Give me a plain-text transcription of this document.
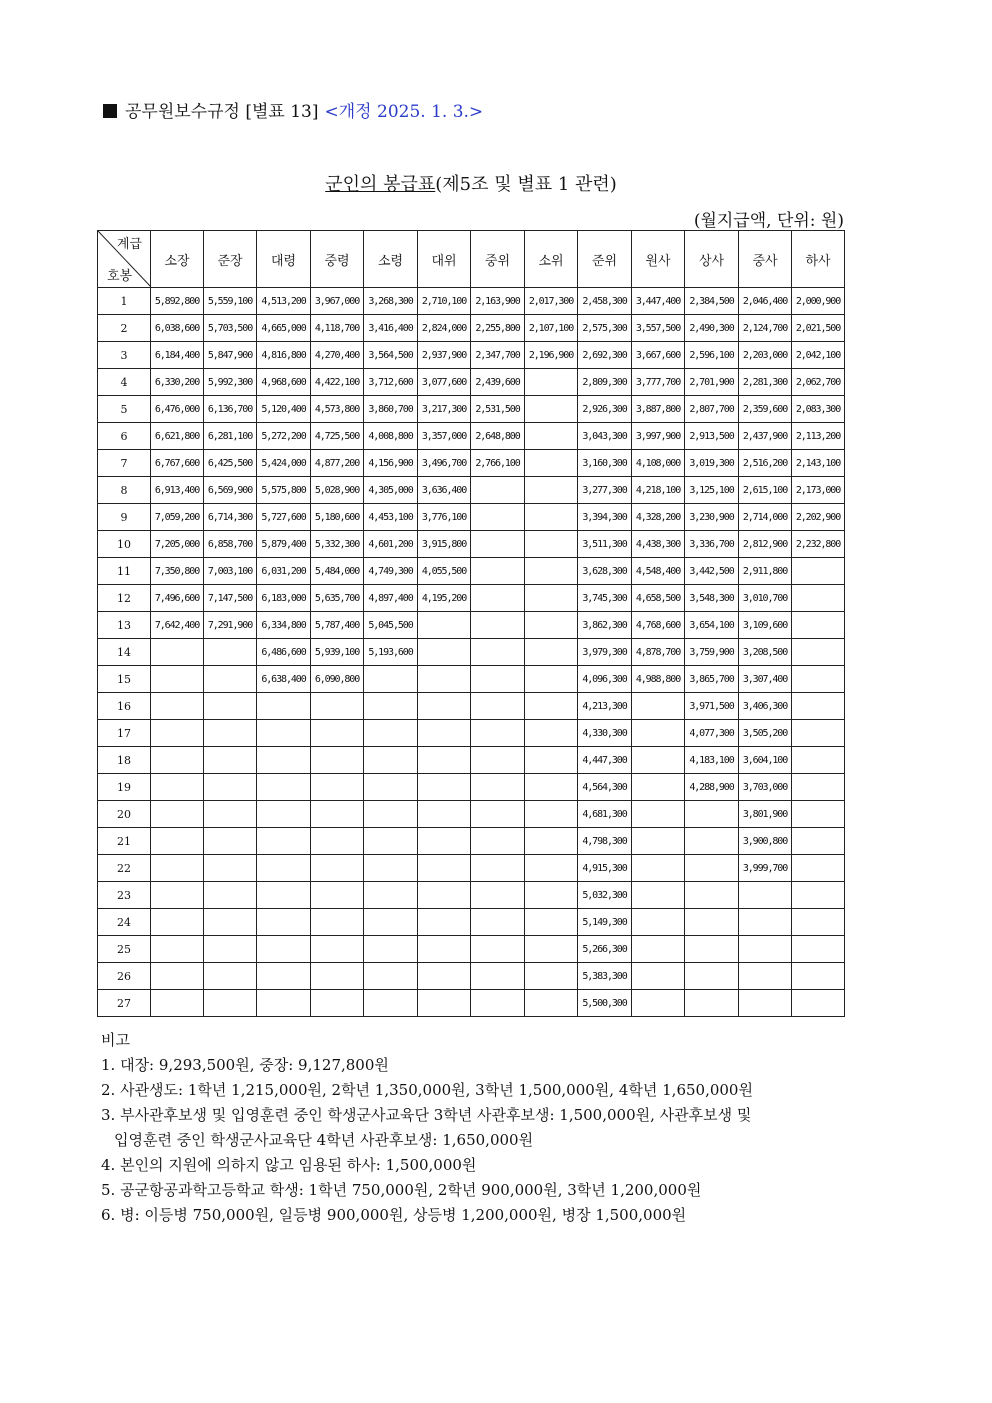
공무원보수규정 [별표 13] <개정 2025. 1. 3.>
군인의 봉급표(제5조 및 별표 1 관련)
(월지급액, 단위: 원)
계급
호봉	소장	준장	대령	중령	소령	대위	중위	소위	준위	원사	상사	중사	하사
1	5,892,800	5,559,100	4,513,200	3,967,000	3,268,300	2,710,100	2,163,900	2,017,300	2,458,300	3,447,400	2,384,500	2,046,400	2,000,900
2	6,038,600	5,703,500	4,665,000	4,118,700	3,416,400	2,824,000	2,255,800	2,107,100	2,575,300	3,557,500	2,490,300	2,124,700	2,021,500
3	6,184,400	5,847,900	4,816,800	4,270,400	3,564,500	2,937,900	2,347,700	2,196,900	2,692,300	3,667,600	2,596,100	2,203,000	2,042,100
4	6,330,200	5,992,300	4,968,600	4,422,100	3,712,600	3,077,600	2,439,600		2,809,300	3,777,700	2,701,900	2,281,300	2,062,700
5	6,476,000	6,136,700	5,120,400	4,573,800	3,860,700	3,217,300	2,531,500		2,926,300	3,887,800	2,807,700	2,359,600	2,083,300
6	6,621,800	6,281,100	5,272,200	4,725,500	4,008,800	3,357,000	2,648,800		3,043,300	3,997,900	2,913,500	2,437,900	2,113,200
7	6,767,600	6,425,500	5,424,000	4,877,200	4,156,900	3,496,700	2,766,100		3,160,300	4,108,000	3,019,300	2,516,200	2,143,100
8	6,913,400	6,569,900	5,575,800	5,028,900	4,305,000	3,636,400			3,277,300	4,218,100	3,125,100	2,615,100	2,173,000
9	7,059,200	6,714,300	5,727,600	5,180,600	4,453,100	3,776,100			3,394,300	4,328,200	3,230,900	2,714,000	2,202,900
10	7,205,000	6,858,700	5,879,400	5,332,300	4,601,200	3,915,800			3,511,300	4,438,300	3,336,700	2,812,900	2,232,800
11	7,350,800	7,003,100	6,031,200	5,484,000	4,749,300	4,055,500			3,628,300	4,548,400	3,442,500	2,911,800	
12	7,496,600	7,147,500	6,183,000	5,635,700	4,897,400	4,195,200			3,745,300	4,658,500	3,548,300	3,010,700	
13	7,642,400	7,291,900	6,334,800	5,787,400	5,045,500				3,862,300	4,768,600	3,654,100	3,109,600	
14			6,486,600	5,939,100	5,193,600				3,979,300	4,878,700	3,759,900	3,208,500	
15			6,638,400	6,090,800					4,096,300	4,988,800	3,865,700	3,307,400	
16									4,213,300		3,971,500	3,406,300	
17									4,330,300		4,077,300	3,505,200	
18									4,447,300		4,183,100	3,604,100	
19									4,564,300		4,288,900	3,703,000	
20									4,681,300			3,801,900	
21									4,798,300			3,900,800	
22									4,915,300			3,999,700	
23									5,032,300				
24									5,149,300				
25									5,266,300				
26									5,383,300				
27									5,500,300				
비고
1. 대장: 9,293,500원, 중장: 9,127,800원
2. 사관생도: 1학년 1,215,000원, 2학년 1,350,000원, 3학년 1,500,000원, 4학년 1,650,000원
3. 부사관후보생 및 입영훈련 중인 학생군사교육단 3학년 사관후보생: 1,500,000원, 사관후보생 및
입영훈련 중인 학생군사교육단 4학년 사관후보생: 1,650,000원
4. 본인의 지원에 의하지 않고 임용된 하사: 1,500,000원
5. 공군항공과학고등학교 학생: 1학년 750,000원, 2학년 900,000원, 3학년 1,200,000원
6. 병: 이등병 750,000원, 일등병 900,000원, 상등병 1,200,000원, 병장 1,500,000원
